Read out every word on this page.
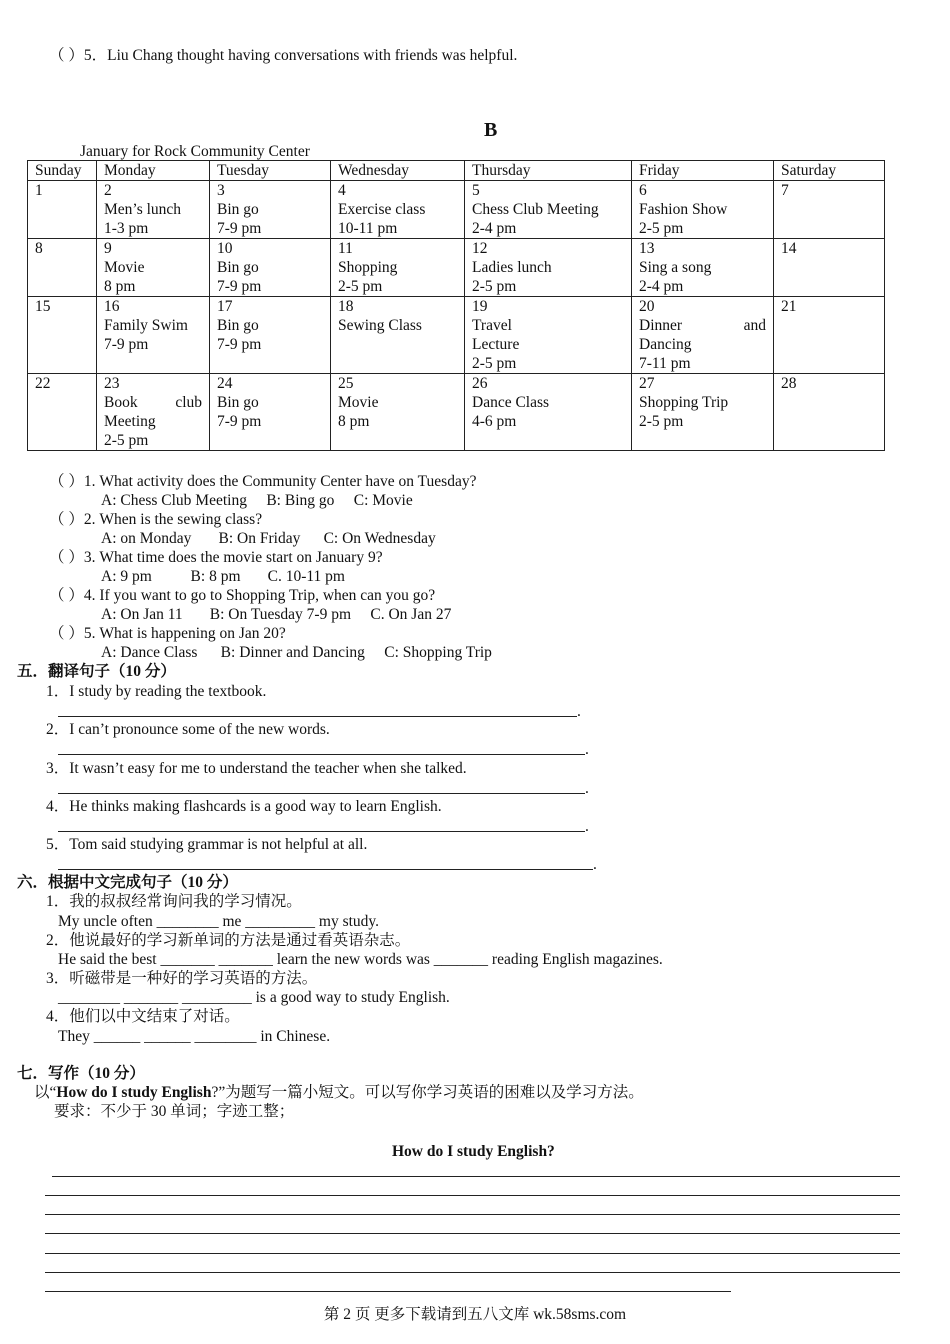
（ ）5．Liu Chang thought having conversations with friends was helpful.
B
January for Rock Community Center
Sunday	Monday	Tuesday	Wednesday	Thursday	Friday	Saturday

1	2
Men’s lunch
1-3 pm	3
Bin go
7-9 pm	4
Exercise class
10-11 pm	5
Chess Club Meeting
2-4 pm	6
Fashion Show
2-5 pm	7

8	9
Movie
8 pm	10
Bin go
7-9 pm	11
Shopping
2-5 pm	12
Ladies lunch
2-5 pm	13
Sing a song
2-4 pm	14

15	16
Family Swim
7-9 pm	17
Bin go
7-9 pm	18
Sewing Class	19
Travel
Lecture
2-5 pm	20
Dinner and
Dancing
7-11 pm	21

22	23
Book club
Meeting
2-5 pm	24
Bin go
7-9 pm	25
Movie
8 pm	26
Dance Class
4-6 pm	27
Shopping Trip
2-5 pm	28
（ ）1. What activity does the Community Center have on Tuesday?
A: Chess Club Meeting     B: Bing go     C: Movie
（ ）2. When is the sewing class?
A: on Monday       B: On Friday      C: On Wednesday
（ ）3. What time does the movie start on January 9?
A: 9 pm          B: 8 pm       C. 10-11 pm
（ ）4. If you want to go to Shopping Trip, when can you go?
A: On Jan 11       B: On Tuesday 7-9 pm     C. On Jan 27
（ ）5. What is happening on Jan 20?
A: Dance Class      B: Dinner and Dancing     C: Shopping Trip
五．翻译句子（10 分）
1．I study by reading the textbook.
.
2．I can’t pronounce some of the new words.
.
3．It wasn’t easy for me to understand the teacher when she talked.
.
4．He thinks making flashcards is a good way to learn English.
.
5．Tom said studying grammar is not helpful at all.
.
六．根据中文完成句子（10 分）
1．我的叔叔经常询问我的学习情况。
My uncle often ________ me _________ my study.
2．他说最好的学习新单词的方法是通过看英语杂志。
He said the best _______ _______ learn the new words was _______ reading English magazines.
3．听磁带是一种好的学习英语的方法。
________ _______ _________ is a good way to study English.
4．他们以中文结束了对话。
They ______ ______ ________ in Chinese.
七．写作（10 分）
以“How do I study English?”为题写一篇小短文。可以写你学习英语的困难以及学习方法。
要求：不少于 30 单词；字迹工整；
How do I study English?
第 2 页 更多下载请到五八文库 wk.58sms.com
